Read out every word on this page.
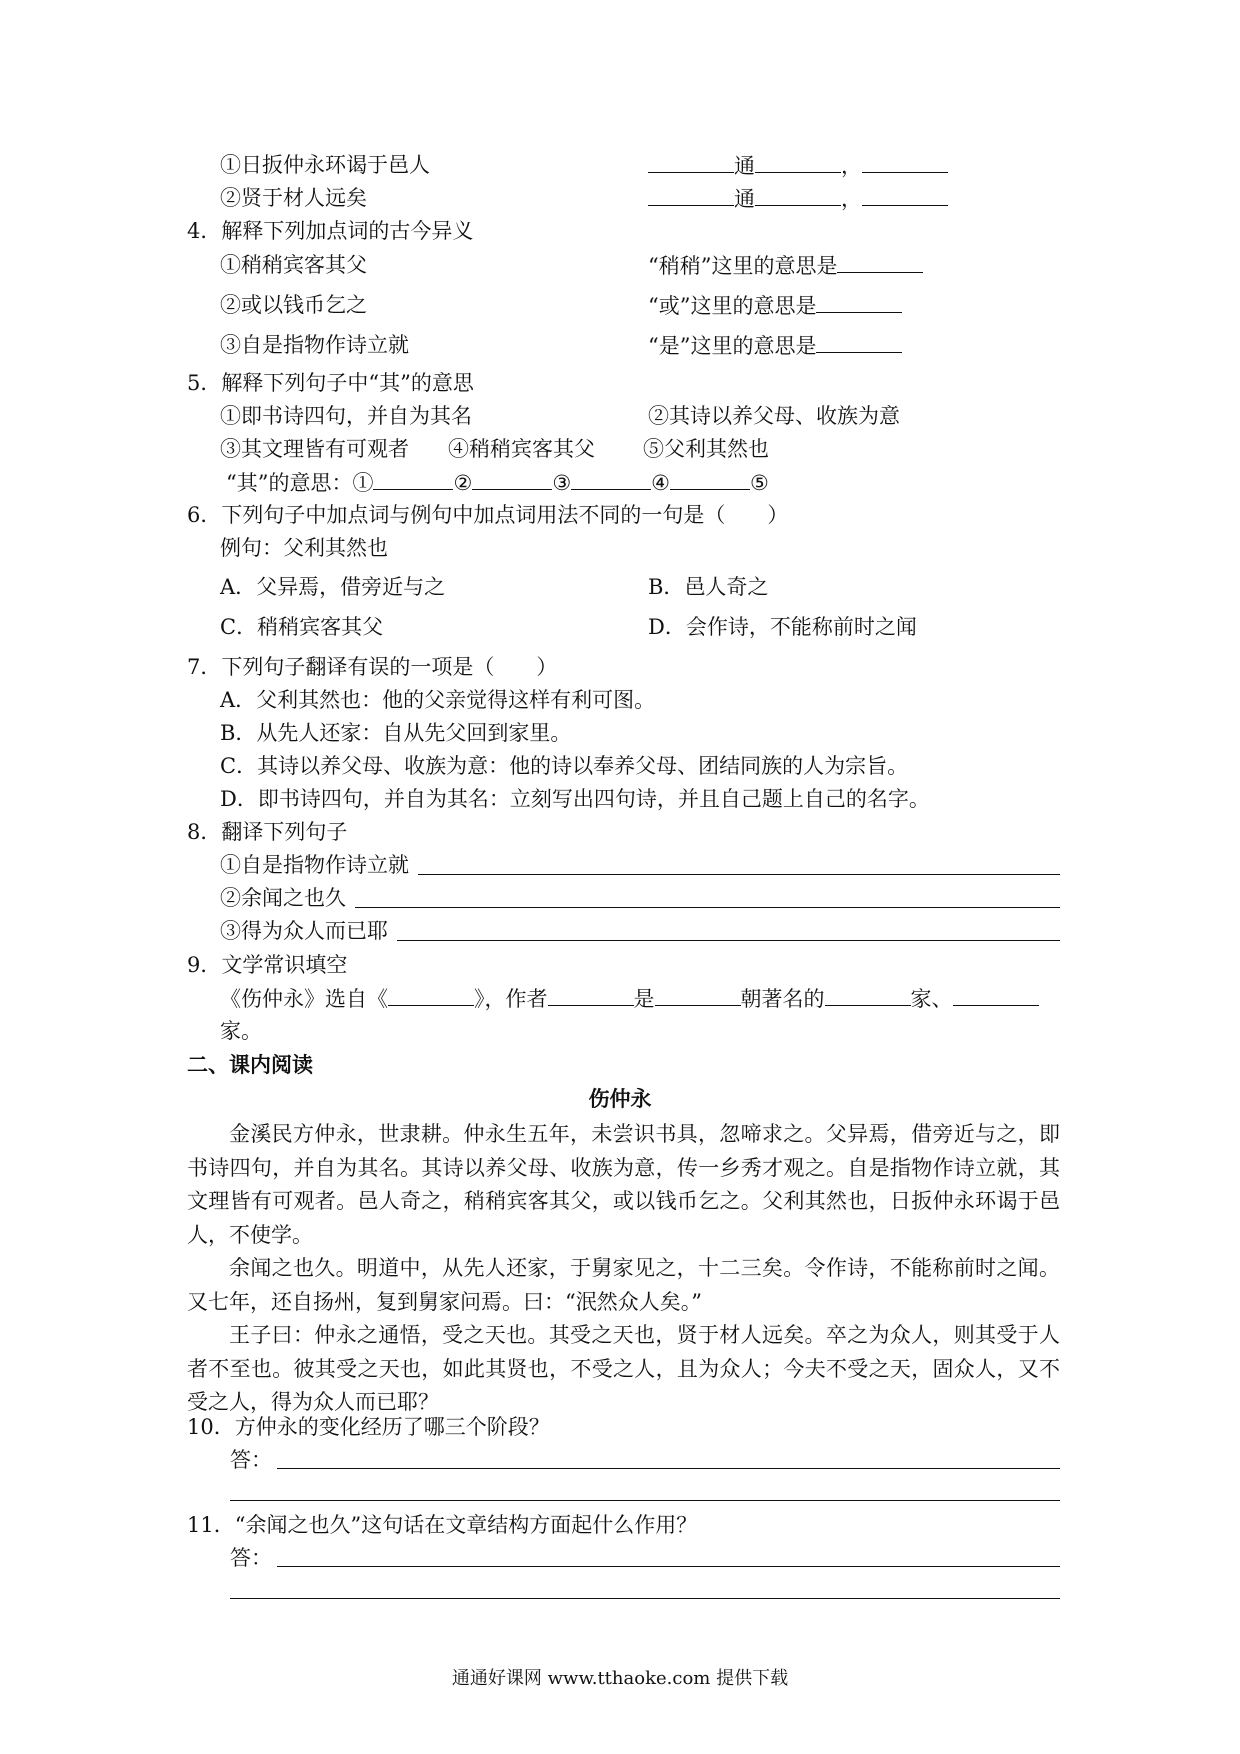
①日扳仲永环谒于邑人	通	，
②贤于材人远矣	通	，
4．解释下列加点词的古今异义
①稍稍宾客其父	“稍稍”这里的意思是
②或以钱币乞之	“或”这里的意思是
③自是指物作诗立就	“是”这里的意思是
5．解释下列句子中“其”的意思
①即书诗四句，并自为其名	②其诗以养父母、收族为意
③其文理皆有可观者 ④稍稍宾客其父 ⑤父利其然也
“其”的意思：①	②	③	④	⑤
6．下列句子中加点词与例句中加点词用法不同的一句是（　　）
例句：父利其然也
A．父异焉，借旁近与之	B．邑人奇之
C．稍稍宾客其父	D．会作诗，不能称前时之闻
7．下列句子翻译有误的一项是（　　）
A．父利其然也：他的父亲觉得这样有利可图。
B．从先人还家：自从先父回到家里。
C．其诗以养父母、收族为意：他的诗以奉养父母、团结同族的人为宗旨。
D．即书诗四句，并自为其名：立刻写出四句诗，并且自己题上自己的名字。
8．翻译下列句子
①自是指物作诗立就
②余闻之也久
③得为众人而已耶
9．文学常识填空
《伤仲永》选自《	》，作者	是	朝著名的	家、
家。
二、课内阅读
伤仲永
金溪民方仲永，世隶耕。仲永生五年，未尝识书具，忽啼求之。父异焉，借旁近与之，即书诗四句，并自为其名。其诗以养父母、收族为意，传一乡秀才观之。自是指物作诗立就，其文理皆有可观者。邑人奇之，稍稍宾客其父，或以钱币乞之。父利其然也，日扳仲永环谒于邑人，不使学。
余闻之也久。明道中，从先人还家，于舅家见之，十二三矣。令作诗，不能称前时之闻。又七年，还自扬州，复到舅家问焉。曰：“泯然众人矣。”
王子曰：仲永之通悟，受之天也。其受之天也，贤于材人远矣。卒之为众人，则其受于人者不至也。彼其受之天也，如此其贤也，不受之人，且为众人；今夫不受之天，固众人，又不受之人，得为众人而已耶？
10．方仲永的变化经历了哪三个阶段？
答：
11．“余闻之也久”这句话在文章结构方面起什么作用？
答：
通通好课网 www.tthaoke.com 提供下载
